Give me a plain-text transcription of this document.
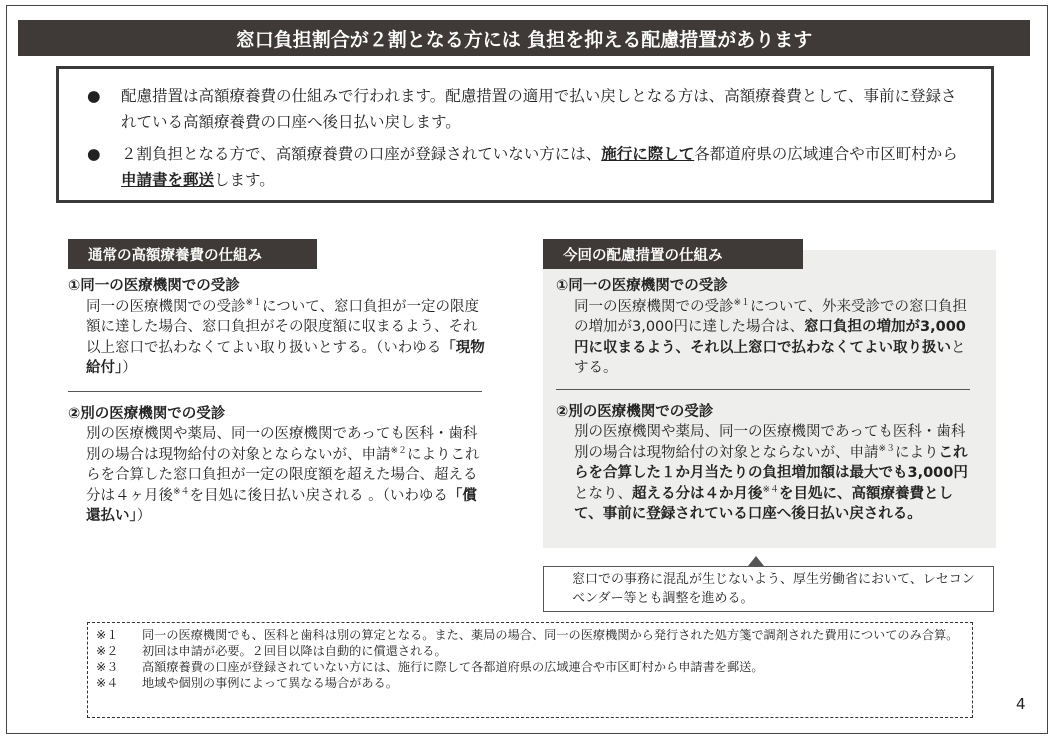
窓口負担割合が２割となる方には 負担を抑える配慮措置があります
●	配慮措置は高額療養費の仕組みで行われます。配慮措置の適用で払い戻しとなる方は、高額療養費として、事前に登録されている高額療養費の口座へ後日払い戻します。
●	２割負担となる方で、高額療養費の口座が登録されていない方には、施行に際して各都道府県の広域連合や市区町村から申請書を郵送します。
通常の高額療養費の仕組み
①同一の医療機関での受診
同一の医療機関での受診$^{※1}$について、窓口負担が一定の限度額に達した場合、窓口負担がその限度額に収まるよう、それ以上窓口で払わなくてよい取り扱いとする。（いわゆる「現物給付」）
②別の医療機関での受診
別の医療機関や薬局、同一の医療機関であっても医科・歯科別の場合は現物給付の対象とならないが、申請$^{※2}$によりこれらを合算した窓口負担が一定の限度額を超えた場合、超える分は４ヶ月後$^{※4}$を目処に後日払い戻される 。（いわゆる「償還払い」）
今回の配慮措置の仕組み
①同一の医療機関での受診
同一の医療機関での受診$^{※1}$について、外来受診での窓口負担の増加が3,000円に達した場合は、窓口負担の増加が3,000円に収まるよう、それ以上窓口で払わなくてよい取り扱いとする。
②別の医療機関での受診
別の医療機関や薬局、同一の医療機関であっても医科・歯科別の場合は現物給付の対象とならないが、申請$^{※3}$によりこれらを合算した１か月当たりの負担増加額は最大でも3,000円となり、超える分は４か月後$^{※4}$を目処に、高額療養費として、事前に登録されている口座へ後日払い戻される。
窓口での事務に混乱が生じないよう、厚生労働省において、レセコンベンダー等とも調整を進める。
※１	同一の医療機関でも、医科と歯科は別の算定となる。また、薬局の場合、同一の医療機関から発行された処方箋で調剤された費用についてのみ合算。
※２	初回は申請が必要。２回目以降は自動的に償還される。
※３	高額療養費の口座が登録されていない方には、施行に際して各都道府県の広域連合や市区町村から申請書を郵送。
※４	地域や個別の事例によって異なる場合がある。
4
